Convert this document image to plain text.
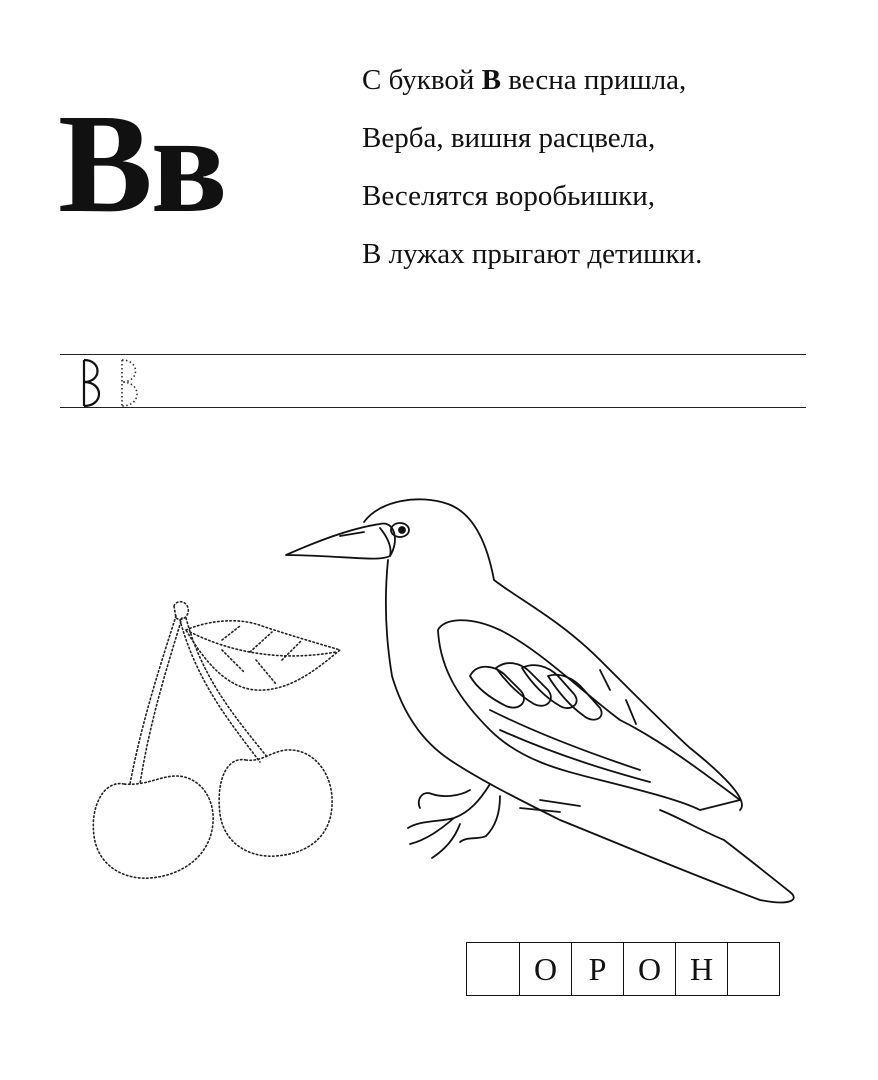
Вв
С буквой В весна пришла,
Верба, вишня расцвела,
Веселятся воробьишки,
В лужах прыгают детишки.
О Р О Н
